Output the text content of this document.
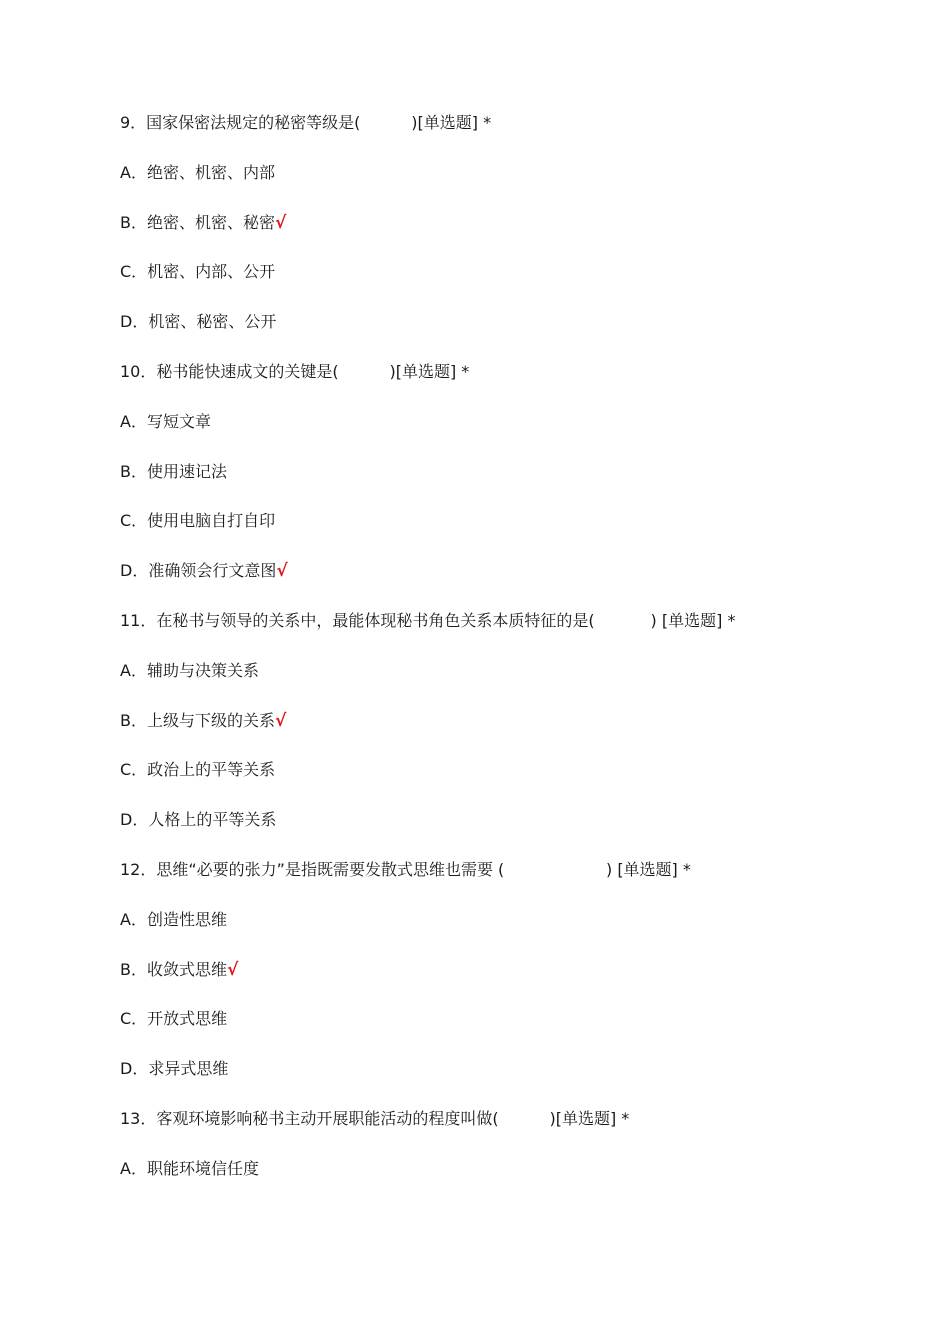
9．国家保密法规定的秘密等级是(          )[单选题] *
A．绝密、机密、内部
B．绝密、机密、秘密√
C．机密、内部、公开
D．机密、秘密、公开
10．秘书能快速成文的关键是(          )[单选题] *
A．写短文章
B．使用速记法
C．使用电脑自打自印
D．准确领会行文意图√
11．在秘书与领导的关系中，最能体现秘书角色关系本质特征的是(           ) [单选题] *
A．辅助与决策关系
B．上级与下级的关系√
C．政治上的平等关系
D．人格上的平等关系
12．思维“必要的张力”是指既需要发散式思维也需要 (                    ) [单选题] *
A．创造性思维
B．收敛式思维√
C．开放式思维
D．求异式思维
13．客观环境影响秘书主动开展职能活动的程度叫做(          )[单选题] *
A．职能环境信任度
